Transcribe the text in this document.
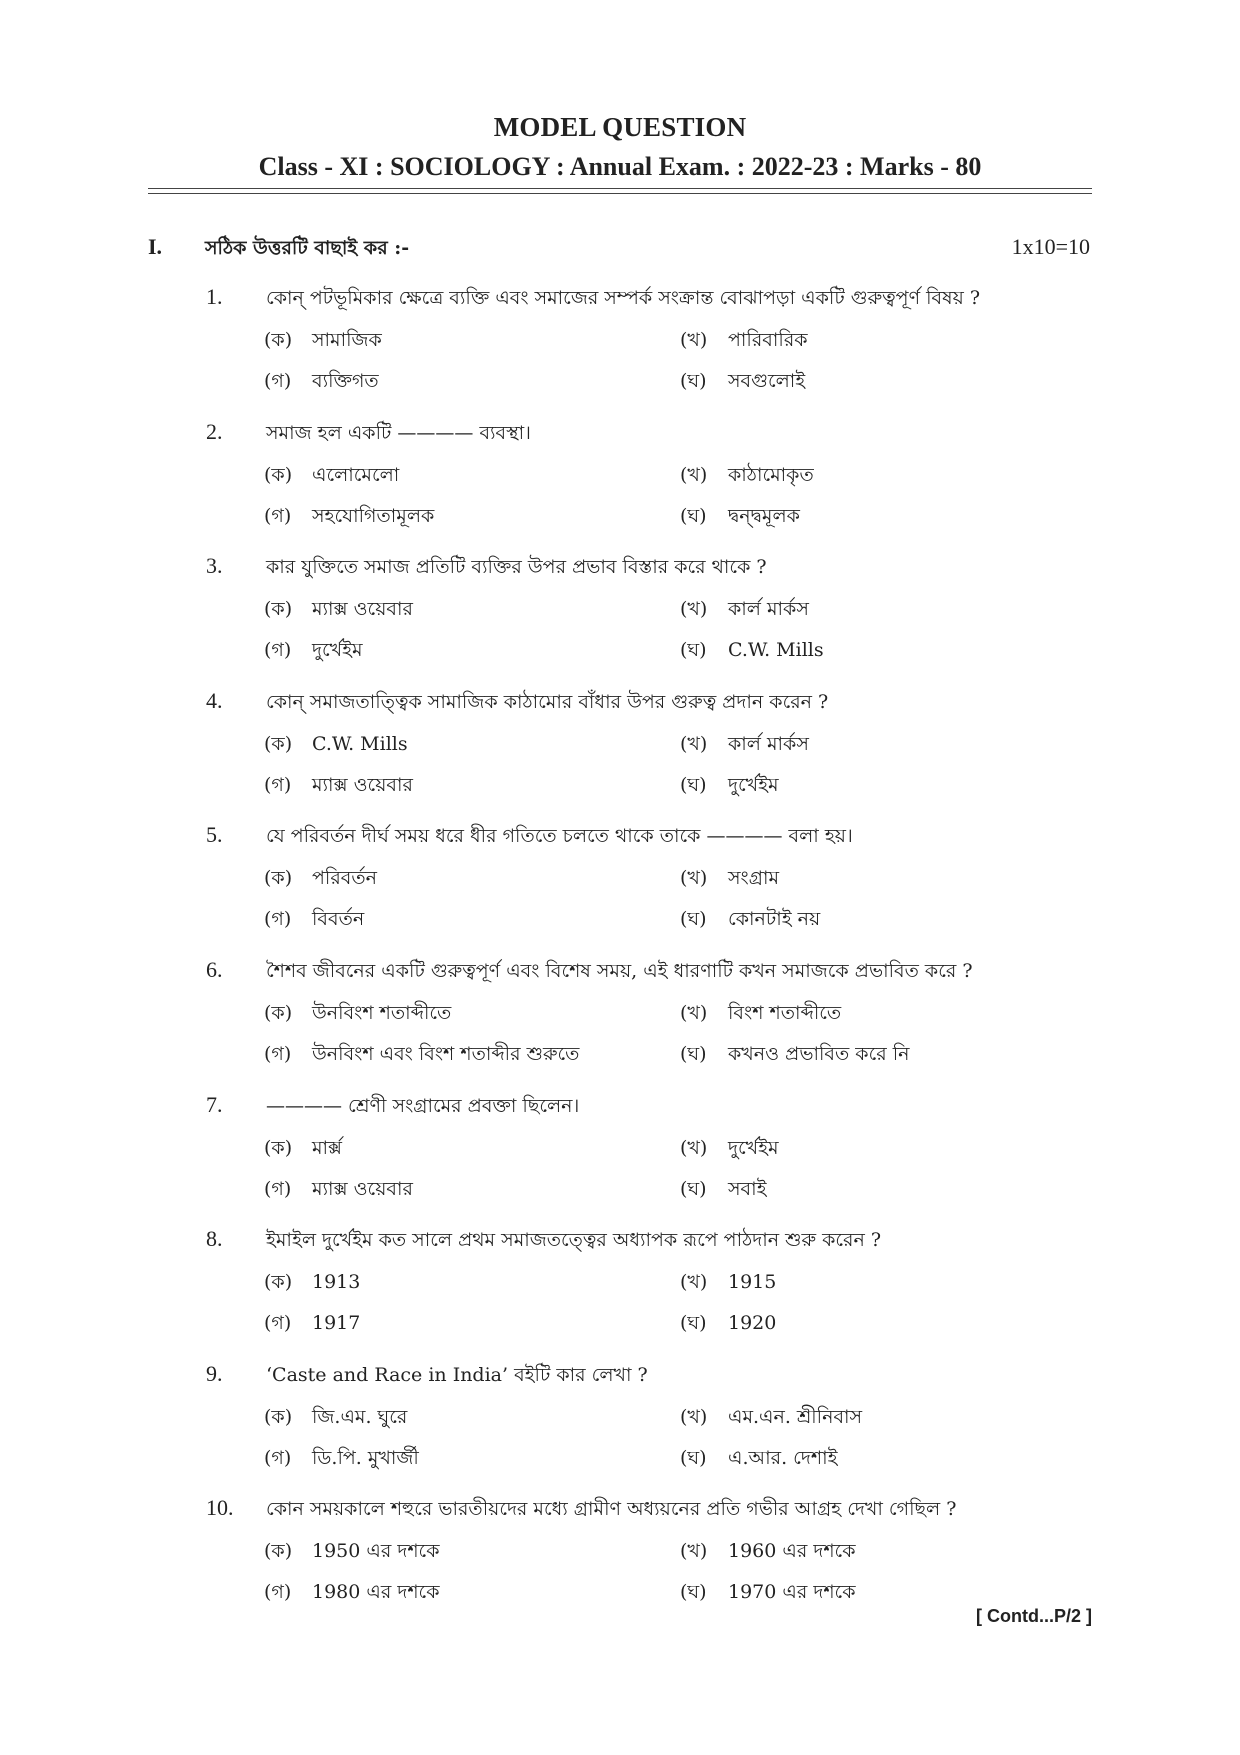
MODEL QUESTION
Class - XI : SOCIOLOGY : Annual Exam. : 2022-23 : Marks - 80
I. সঠিক উত্তরটি বাছাই কর :-	1x10=10
1. কোন্ পটভূমিকার ক্ষেত্রে ব্যক্তি এবং সমাজের সম্পর্ক সংক্রান্ত বোঝাপড়া একটি গুরুত্বপূর্ণ বিষয় ?
(ক) সামাজিক	(খ) পারিবারিক
(গ) ব্যক্তিগত	(ঘ) সবগুলোই
2. সমাজ হল একটি ———— ব্যবস্থা।
(ক) এলোমেলো	(খ) কাঠামোকৃত
(গ) সহযোগিতামূলক	(ঘ) দ্বন্দ্বমূলক
3. কার যুক্তিতে সমাজ প্রতিটি ব্যক্তির উপর প্রভাব বিস্তার করে থাকে ?
(ক) ম্যাক্স ওয়েবার	(খ) কার্ল মার্কস
(গ) দুর্খেইম	(ঘ) C.W. Mills
4. কোন্ সমাজতাত্ত্বিক সামাজিক কাঠামোর বাঁধার উপর গুরুত্ব প্রদান করেন ?
(ক) C.W. Mills	(খ) কার্ল মার্কস
(গ) ম্যাক্স ওয়েবার	(ঘ) দুর্খেইম
5. যে পরিবর্তন দীর্ঘ সময় ধরে ধীর গতিতে চলতে থাকে তাকে ———— বলা হয়।
(ক) পরিবর্তন	(খ) সংগ্রাম
(গ) বিবর্তন	(ঘ) কোনটাই নয়
6. শৈশব জীবনের একটি গুরুত্বপূর্ণ এবং বিশেষ সময়, এই ধারণাটি কখন সমাজকে প্রভাবিত করে ?
(ক) উনবিংশ শতাব্দীতে	(খ) বিংশ শতাব্দীতে
(গ) উনবিংশ এবং বিংশ শতাব্দীর শুরুতে	(ঘ) কখনও প্রভাবিত করে নি
7. ———— শ্রেণী সংগ্রামের প্রবক্তা ছিলেন।
(ক) মার্ক্স	(খ) দুর্খেইম
(গ) ম্যাক্স ওয়েবার	(ঘ) সবাই
8. ইমাইল দুর্খেইম কত সালে প্রথম সমাজতত্ত্বের অধ্যাপক রূপে পাঠদান শুরু করেন ?
(ক) 1913	(খ) 1915
(গ) 1917	(ঘ) 1920
9. ‘Caste and Race in India’ বইটি কার লেখা ?
(ক) জি.এম. ঘুরে	(খ) এম.এন. শ্রীনিবাস
(গ) ডি.পি. মুখার্জী	(ঘ) এ.আর. দেশাই
10. কোন সময়কালে শহুরে ভারতীয়দের মধ্যে গ্রামীণ অধ্যয়নের প্রতি গভীর আগ্রহ দেখা গেছিল ?
(ক) 1950 এর দশকে	(খ) 1960 এর দশকে
(গ) 1980 এর দশকে	(ঘ) 1970 এর দশকে
[ Contd...P/2 ]
